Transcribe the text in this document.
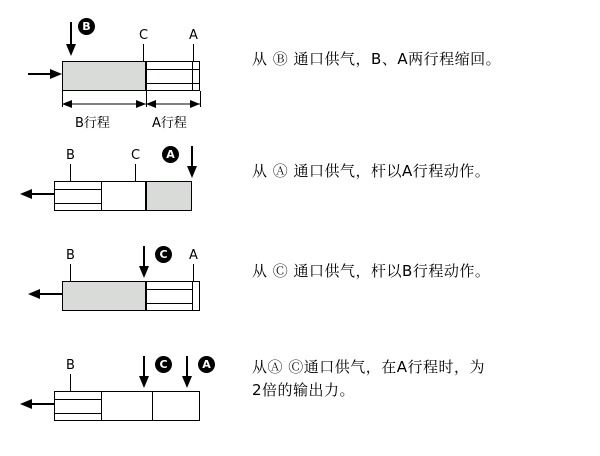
B
C	A
B行程	A行程
从 Ⓑ 通口供气，B、A两行程缩回。
B	C	A
从 Ⓐ 通口供气，杆以A行程动作。
B	C	A
从 Ⓒ 通口供气，杆以B行程动作。
B	C	A	从Ⓐ Ⓒ通口供气，在A行程时，为
2倍的输出力。
